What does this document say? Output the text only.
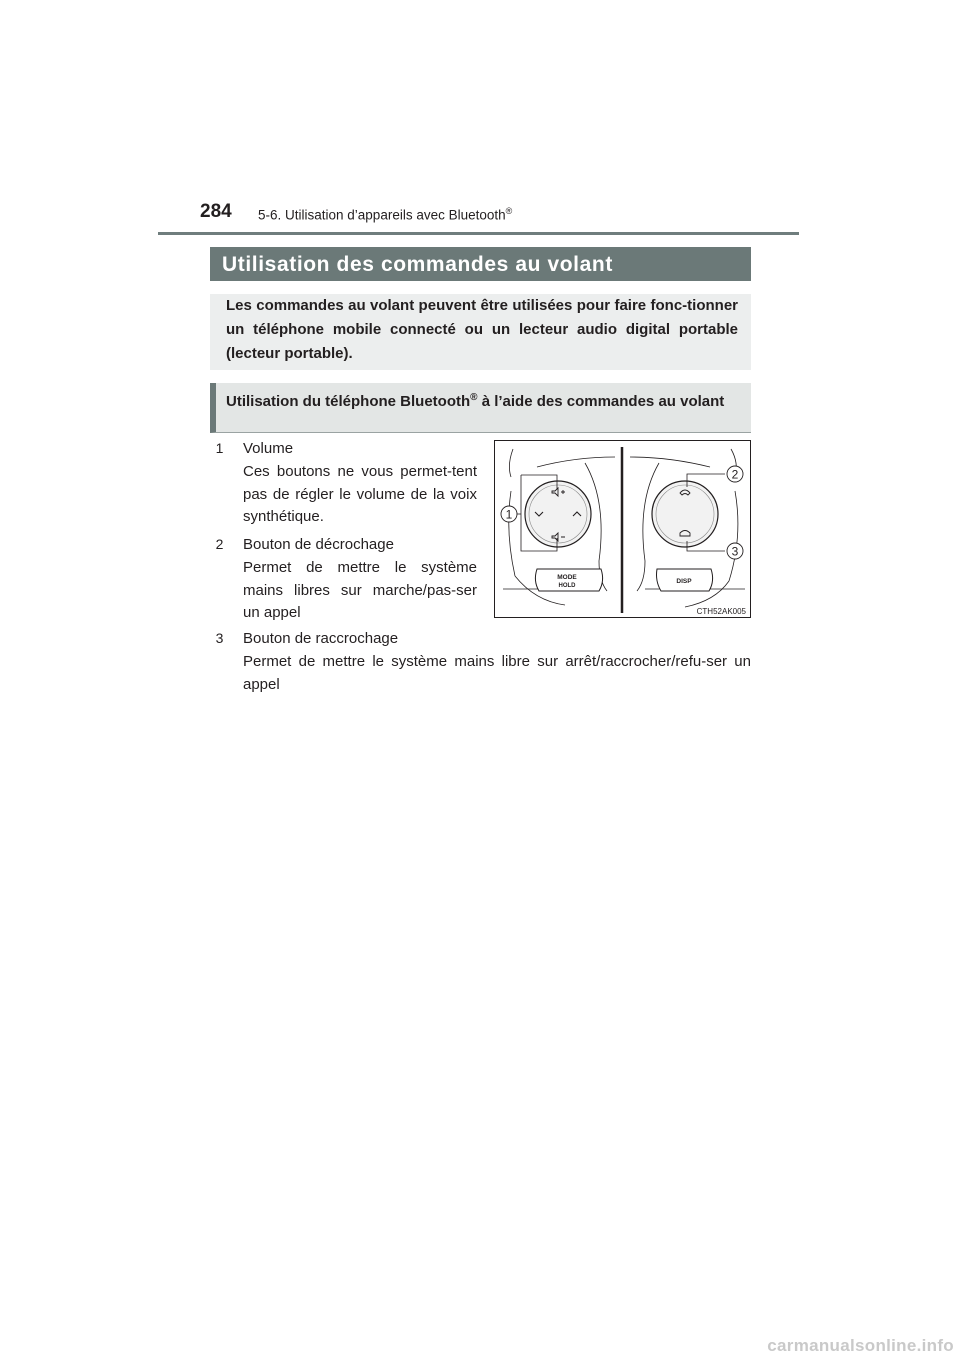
284 5-6. Utilisation d’appareils avec Bluetooth®
Utilisation des commandes au volant
Les commandes au volant peuvent être utilisées pour faire fonc-tionner un téléphone mobile connecté ou un lecteur audio digital portable (lecteur portable).
Utilisation du téléphone Bluetooth® à l’aide des commandes au volant
1 Volume
Ces boutons ne vous permet-tent pas de régler le volume de la voix synthétique.
2 Bouton de décrochage
Permet de mettre le système mains libres sur marche/pas-ser un appel
3 Bouton de raccrochage
Permet de mettre le système mains libre sur arrêt/raccrocher/refu-ser un appel
1
2
3
MODE
HOLD
DISP
CTH52AK005
carmanualsonline.info
